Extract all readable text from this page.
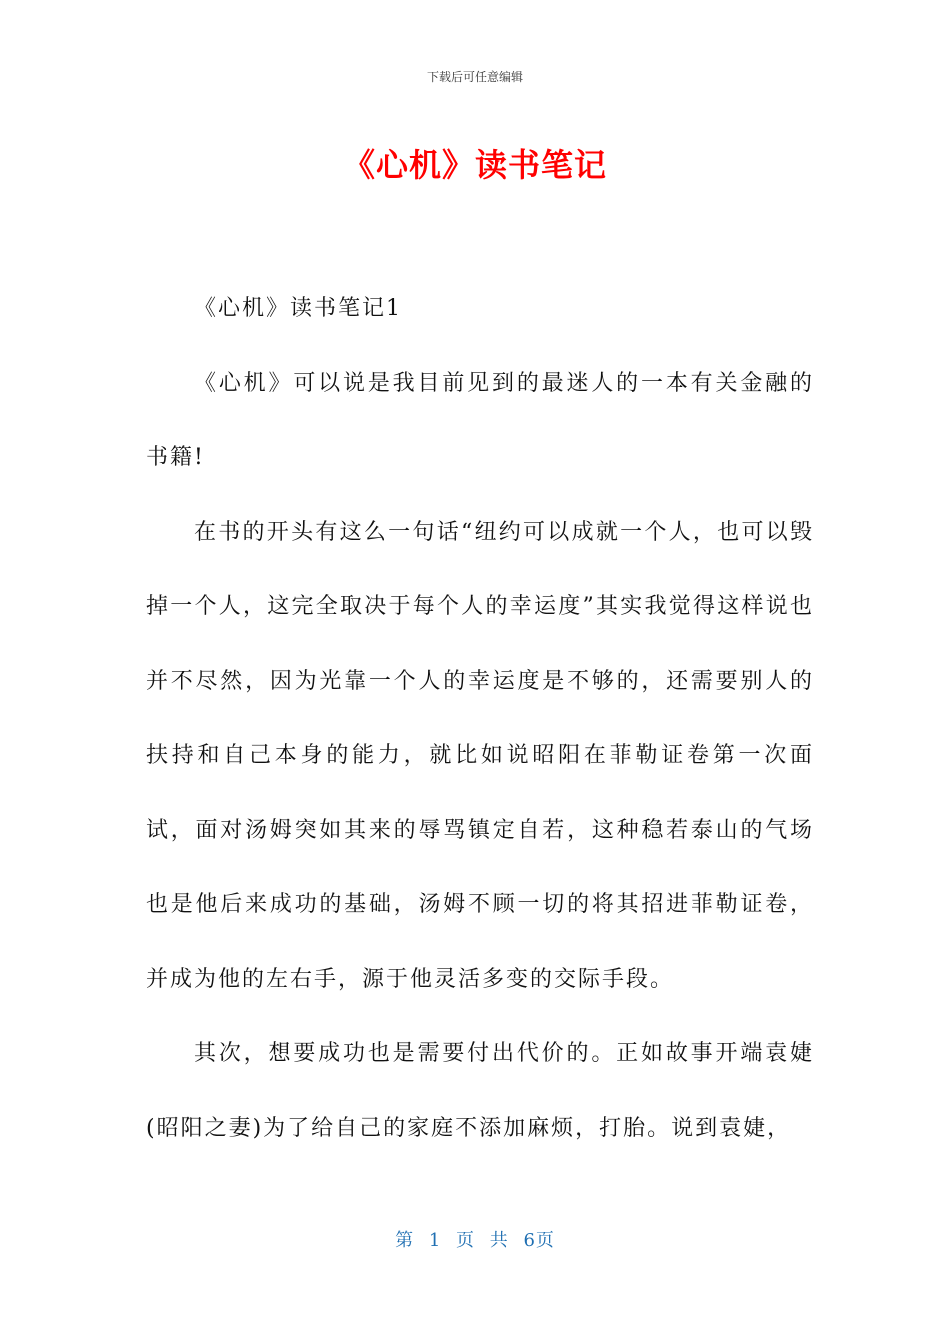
下载后可任意编辑
《心机》读书笔记

《心机》读书笔记1

《心机》可以说是我目前见到的最迷人的一本有关金融的书籍!

在书的开头有这么一句话“纽约可以成就一个人，也可以毁掉一个人，这完全取决于每个人的幸运度”其实我觉得这样说也并不尽然，因为光靠一个人的幸运度是不够的，还需要别人的扶持和自己本身的能力，就比如说昭阳在菲勒证卷第一次面试，面对汤姆突如其来的辱骂镇定自若，这种稳若泰山的气场也是他后来成功的基础，汤姆不顾一切的将其招进菲勒证卷，并成为他的左右手，源于他灵活多变的交际手段。

其次，想要成功也是需要付出代价的。正如故事开端袁婕(昭阳之妻)为了给自己的家庭不添加麻烦，打胎。说到袁婕，

第 1 页 共 6页
